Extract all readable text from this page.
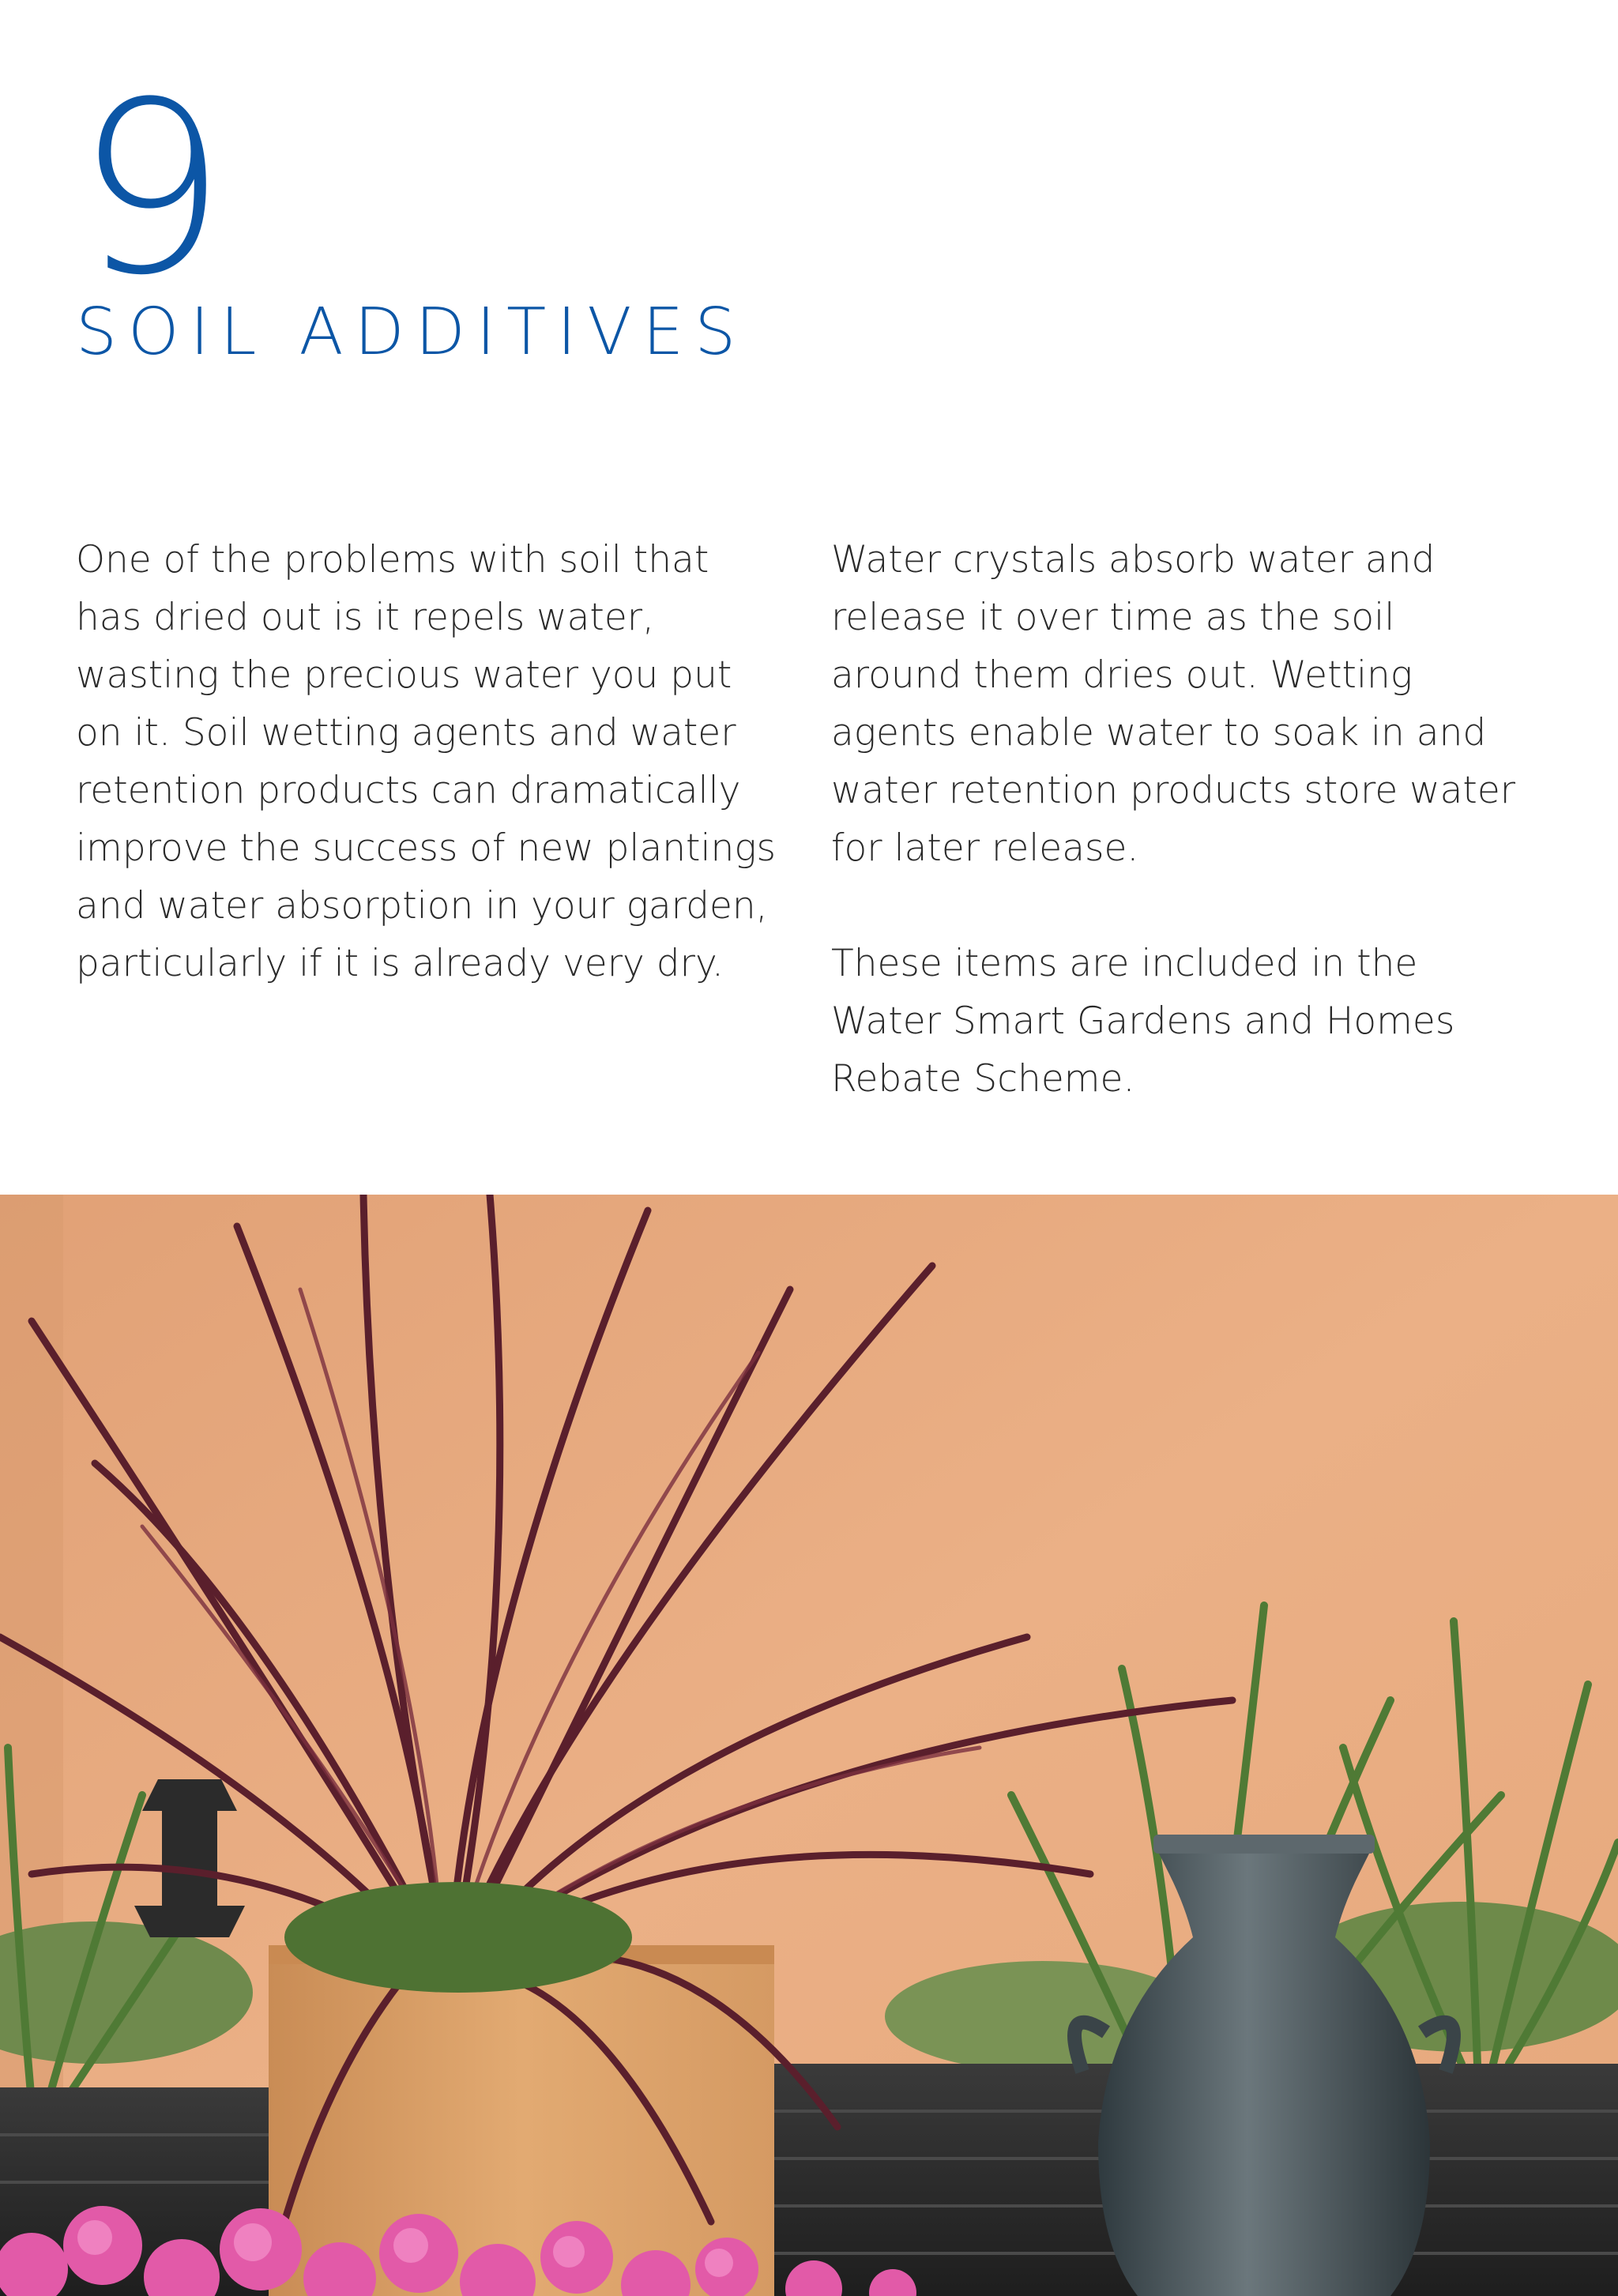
9
SOIL ADDITIVES

One of the problems with soil that has dried out is it repels water, wasting the precious water you put on it. Soil wetting agents and water retention products can dramatically improve the success of new plantings and water absorption in your garden, particularly if it is already very dry.

Water crystals absorb water and release it over time as the soil around them dries out. Wetting agents enable water to soak in and water retention products store water for later release.

These items are included in the Water Smart Gardens and Homes Rebate Scheme.
